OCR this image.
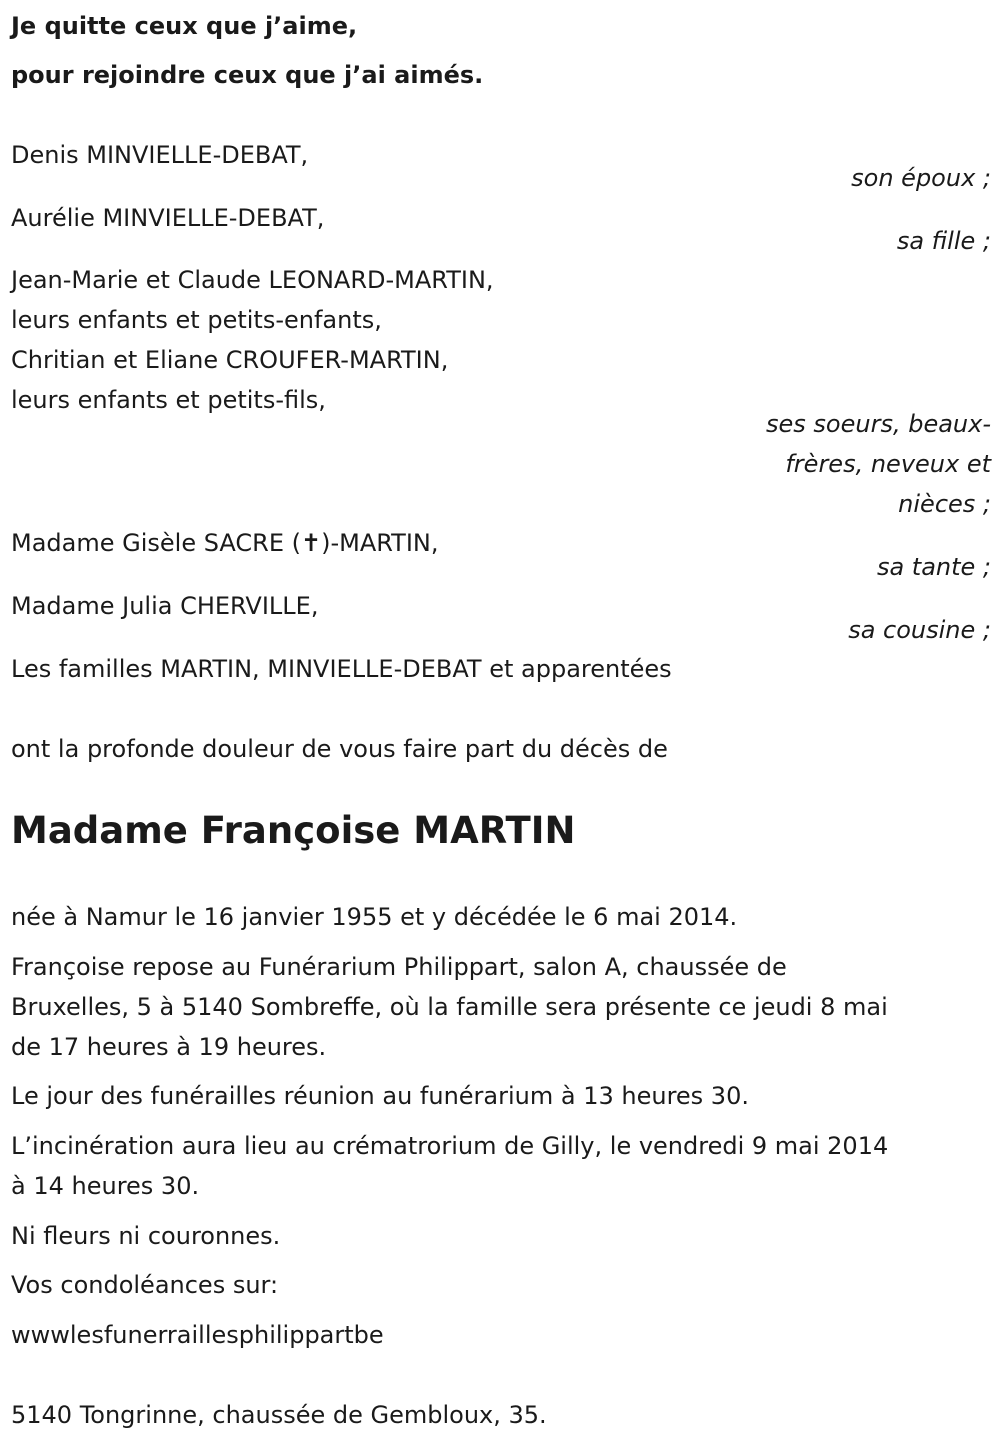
Je quitte ceux que j’aime,
pour rejoindre ceux que j’ai aimés.
Denis MINVIELLE-DEBAT,
son époux ;
Aurélie MINVIELLE-DEBAT,
sa fille ;
Jean-Marie et Claude LEONARD-MARTIN,
leurs enfants et petits-enfants,
Chritian et Eliane CROUFER-MARTIN,
leurs enfants et petits-fils,
ses soeurs, beaux-
frères, neveux et
nièces ;
Madame Gisèle SACRE (✝)-MARTIN,
sa tante ;
Madame Julia CHERVILLE,
sa cousine ;
Les familles MARTIN, MINVIELLE-DEBAT et apparentées
ont la profonde douleur de vous faire part du décès de
Madame Françoise MARTIN
née à Namur le 16 janvier 1955 et y décédée le 6 mai 2014.
Françoise repose au Funérarium Philippart, salon A, chaussée de
Bruxelles, 5 à 5140 Sombreffe, où la famille sera présente ce jeudi 8 mai
de 17 heures à 19 heures.
Le jour des funérailles réunion au funérarium à 13 heures 30.
L’incinération aura lieu au crématrorium de Gilly, le vendredi 9 mai 2014
à 14 heures 30.
Ni fleurs ni couronnes.
Vos condoléances sur:
wwwlesfunerraillesphilippartbe
5140 Tongrinne, chaussée de Gembloux, 35.
